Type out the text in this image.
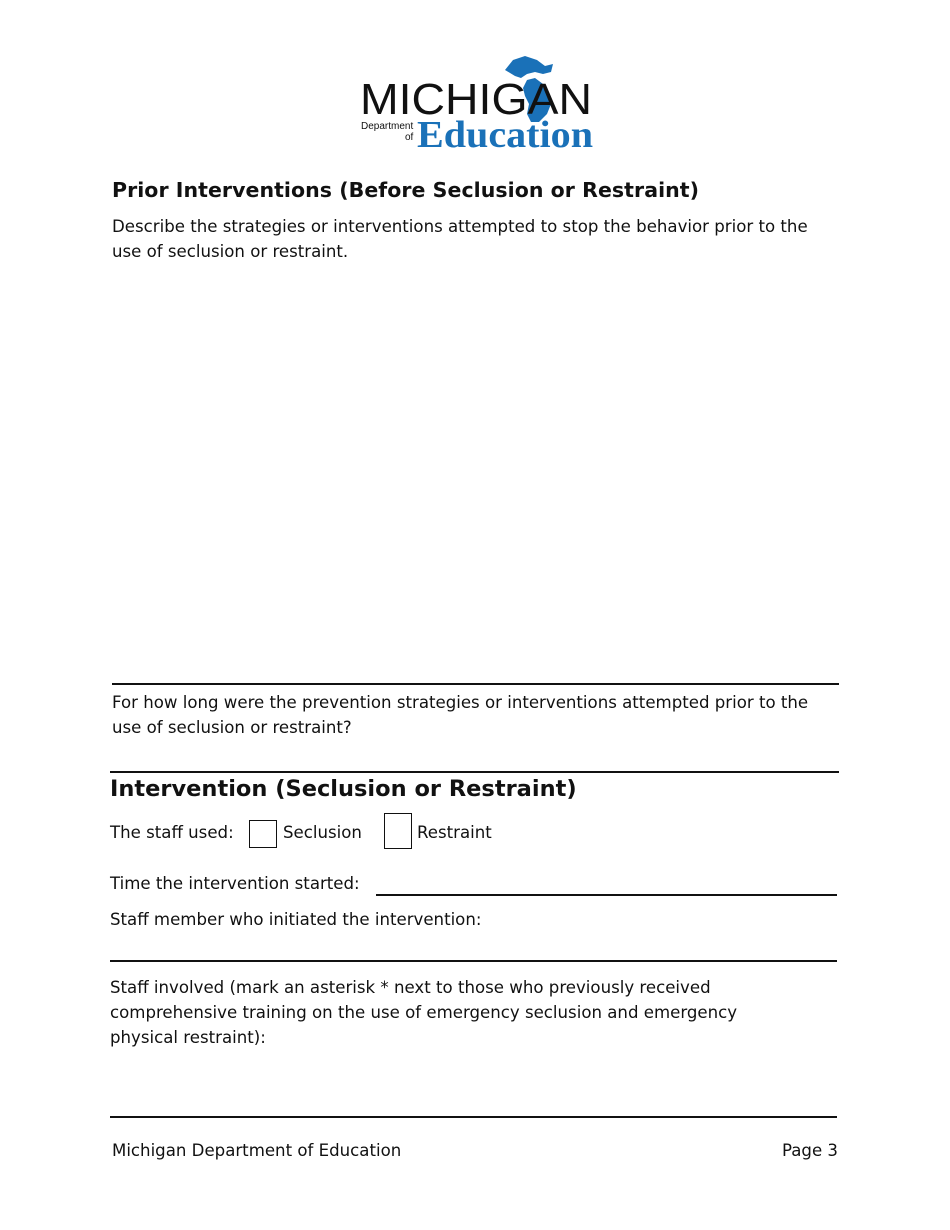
MICHIGAN
Department
of Education
Prior Interventions (Before Seclusion or Restraint)

Describe the strategies or interventions attempted to stop the behavior prior to the use of seclusion or restraint.

For how long were the prevention strategies or interventions attempted prior to the use of seclusion or restraint?

Intervention (Seclusion or Restraint)
The staff used:	Seclusion	Restraint
Time the intervention started:
Staff member who initiated the intervention:

Staff involved (mark an asterisk * next to those who previously received comprehensive training on the use of emergency seclusion and emergency physical restraint):

Michigan Department of Education	Page 3
